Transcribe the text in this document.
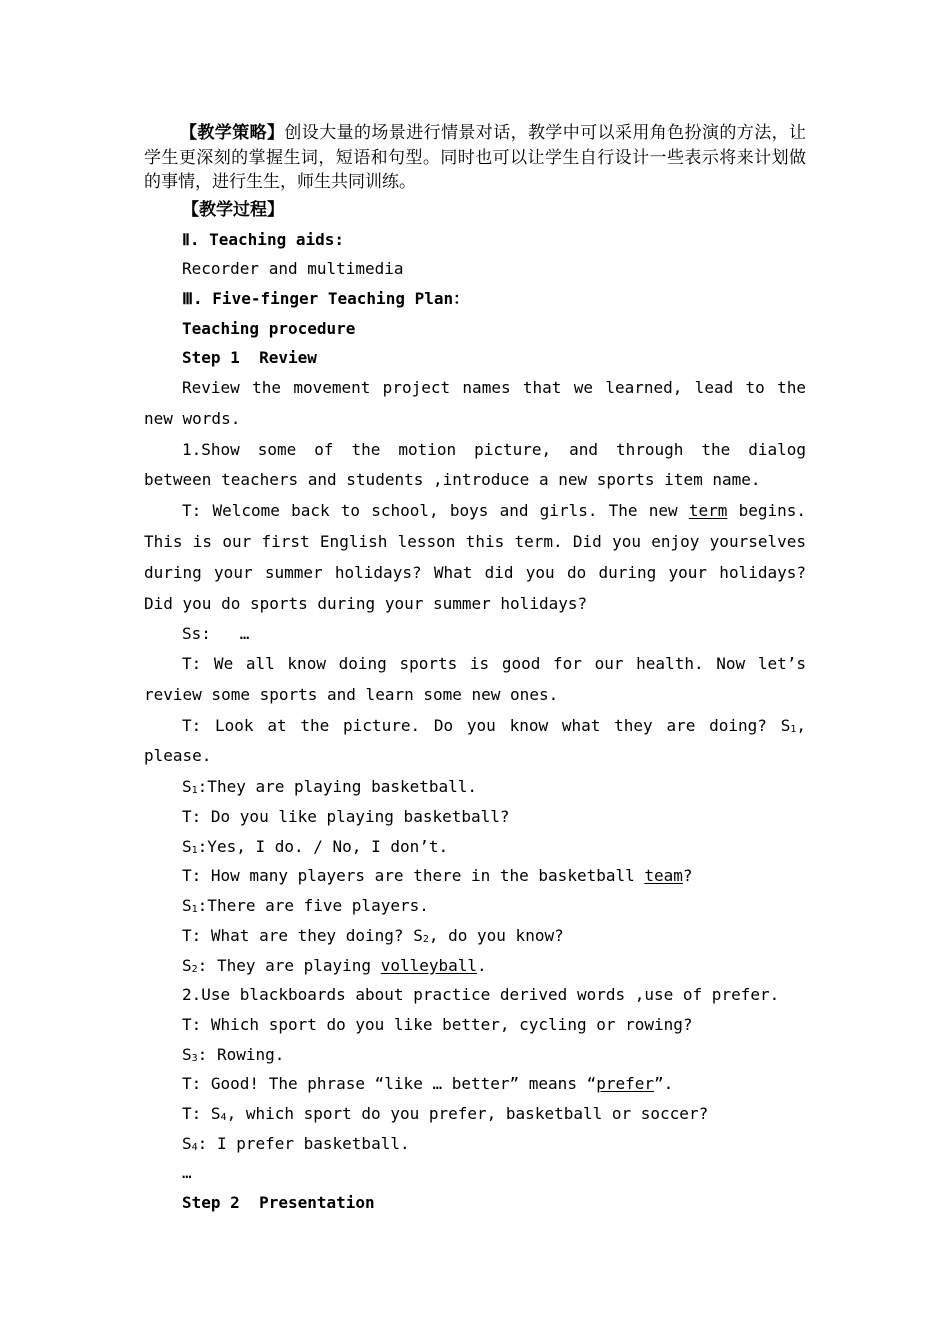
【教学策略】创设大量的场景进行情景对话，教学中可以采用角色扮演的方法，让学生更深刻的掌握生词，短语和句型。同时也可以让学生自行设计一些表示将来计划做的事情，进行生生，师生共同训练。

【教学过程】

Ⅱ. Teaching aids:

Recorder and multimedia

Ⅲ. Five-finger Teaching Plan：

Teaching procedure

Step 1  Review

Review the movement project names that we learned, lead to the new words.

1.Show some of the motion picture, and through the dialog between teachers and students ,introduce a new sports item name.

T: Welcome back to school, boys and girls. The new term begins. This is our first English lesson this term. Did you enjoy yourselves during your summer holidays? What did you do during your holidays? Did you do sports during your summer holidays?

Ss:   …

T: We all know doing sports is good for our health. Now let’s review some sports and learn some new ones.

T: Look at the picture. Do you know what they are doing? $S_1$, please.

$S_1:They$ are playing basketball.

T: Do you like playing basketball?

$S_1:Yes$, I do. / No, I don’t.

T: How many players are there in the basketball team?

$S_1:There$ are five players.

T: What are they doing? $S_2$, do you know?

$S_2$: They are playing volleyball.

2.Use blackboards about practice derived words ,use of prefer.

T: Which sport do you like better, cycling or rowing?

$S_3$: Rowing.

T: Good! The phrase “like … better” means “prefer”.

T: $S_4$, which sport do you prefer, basketball or soccer?

$S_4$: I prefer basketball.

…

Step 2  Presentation
